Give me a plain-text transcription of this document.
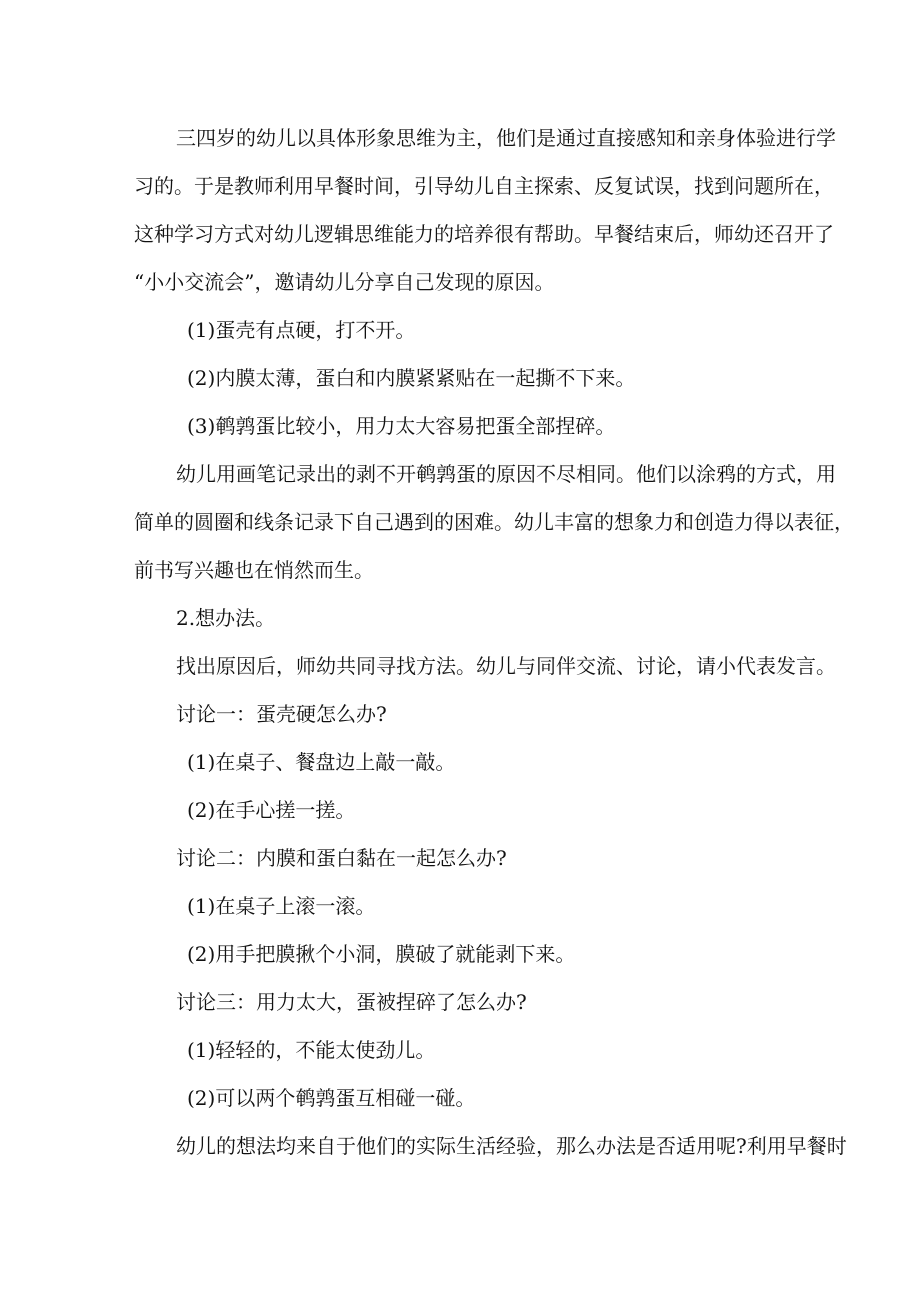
三四岁的幼儿以具体形象思维为主，他们是通过直接感知和亲身体验进行学

习的。于是教师利用早餐时间，引导幼儿自主探索、反复试误，找到问题所在，

这种学习方式对幼儿逻辑思维能力的培养很有帮助。早餐结束后，师幼还召开了

“小小交流会”，邀请幼儿分享自己发现的原因。

(1)蛋壳有点硬，打不开。

(2)内膜太薄，蛋白和内膜紧紧贴在一起撕不下来。

(3)鹌鹑蛋比较小，用力太大容易把蛋全部捏碎。

幼儿用画笔记录出的剥不开鹌鹑蛋的原因不尽相同。他们以涂鸦的方式，用

简单的圆圈和线条记录下自己遇到的困难。幼儿丰富的想象力和创造力得以表征，

前书写兴趣也在悄然而生。

2.想办法。

找出原因后，师幼共同寻找方法。幼儿与同伴交流、讨论，请小代表发言。

讨论一：蛋壳硬怎么办?

(1)在桌子、餐盘边上敲一敲。

(2)在手心搓一搓。

讨论二：内膜和蛋白黏在一起怎么办?

(1)在桌子上滚一滚。

(2)用手把膜揪个小洞，膜破了就能剥下来。

讨论三：用力太大，蛋被捏碎了怎么办?

(1)轻轻的，不能太使劲儿。

(2)可以两个鹌鹑蛋互相碰一碰。

幼儿的想法均来自于他们的实际生活经验，那么办法是否适用呢?利用早餐时
